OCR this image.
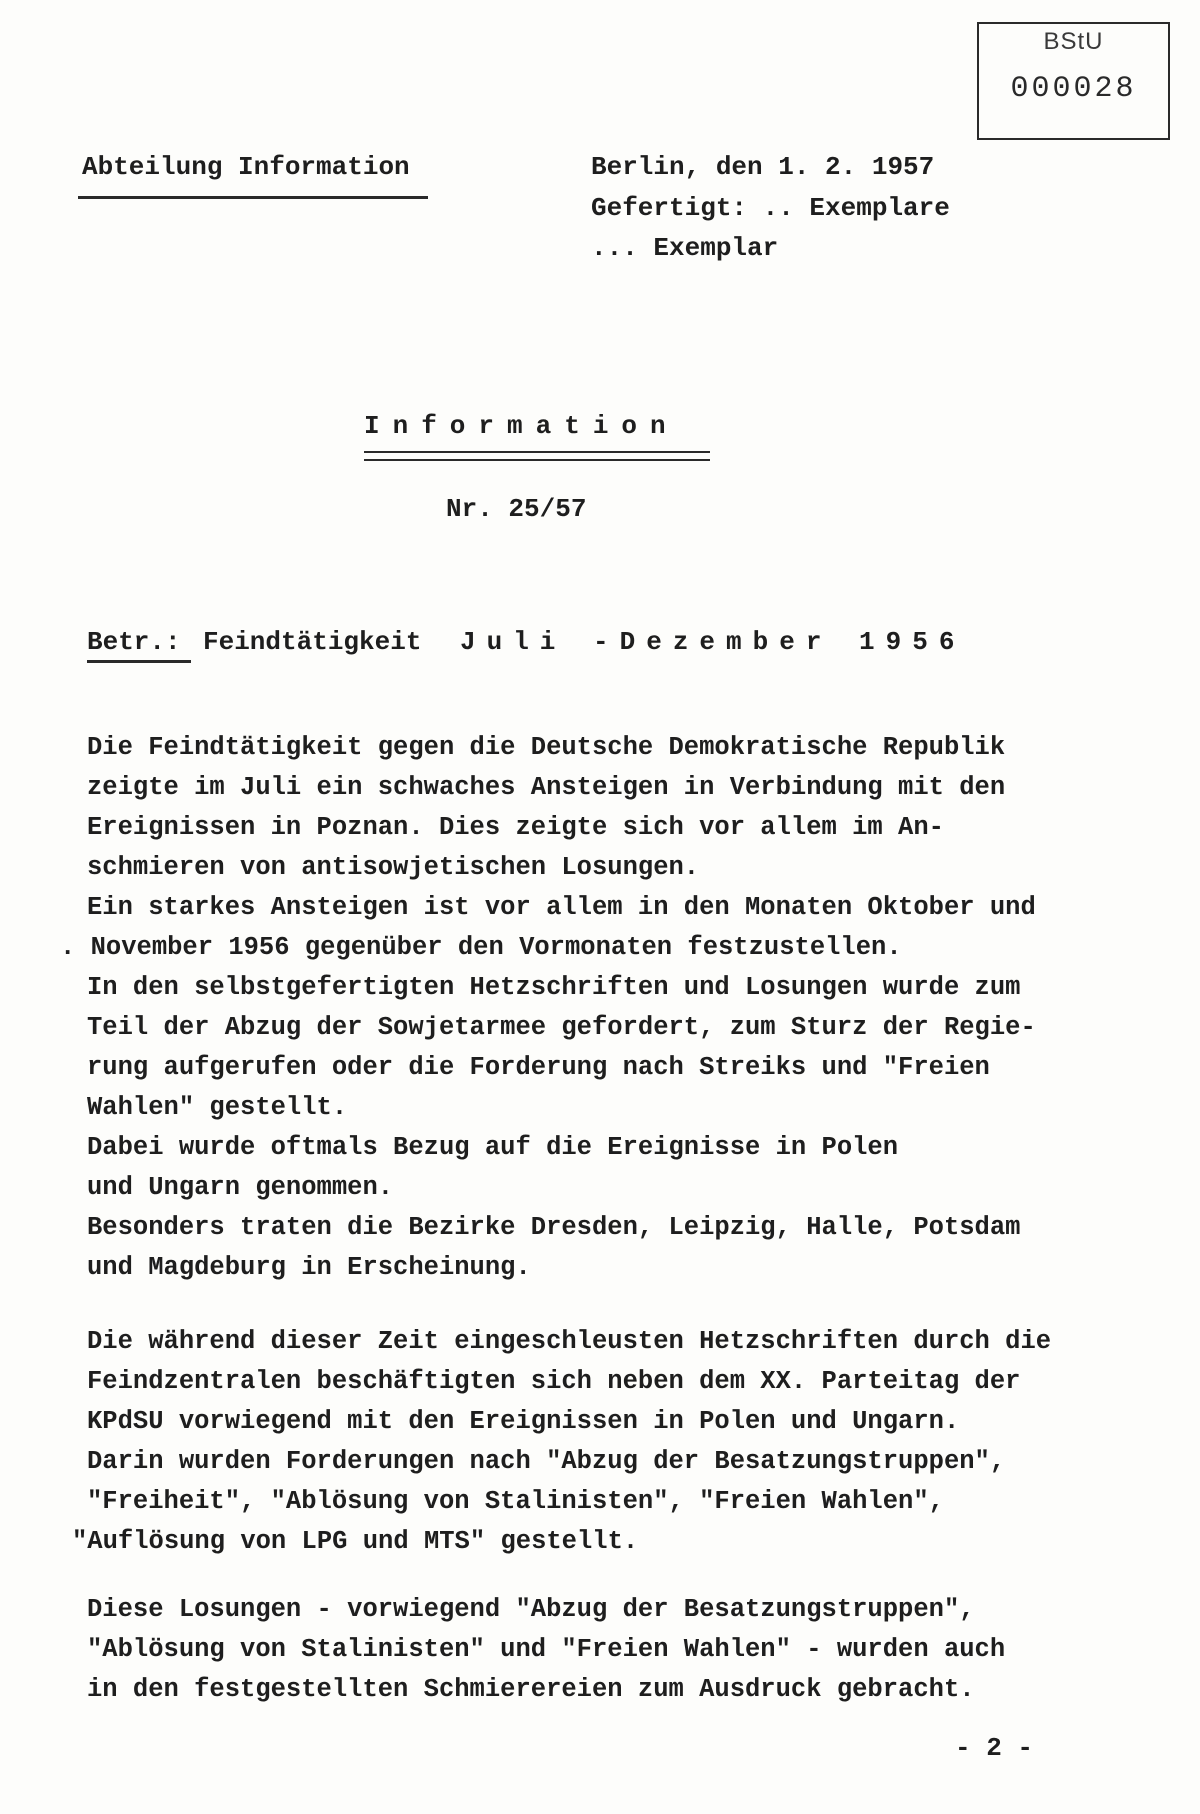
BStU
000028
Abteilung Information	Berlin, den 1. 2. 1957
Gefertigt: .. Exemplare
... Exemplar
Information
Nr. 25/57
Betr.: Feindtätigkeit Juli -Dezember 1956
Die Feindtätigkeit gegen die Deutsche Demokratische Republik
zeigte im Juli ein schwaches Ansteigen in Verbindung mit den
Ereignissen in Poznan. Dies zeigte sich vor allem im An-
schmieren von antisowjetischen Losungen.
Ein starkes Ansteigen ist vor allem in den Monaten Oktober und
. November 1956 gegenüber den Vormonaten festzustellen.
In den selbstgefertigten Hetzschriften und Losungen wurde zum
Teil der Abzug der Sowjetarmee gefordert, zum Sturz der Regie-
rung aufgerufen oder die Forderung nach Streiks und "Freien
Wahlen" gestellt.
Dabei wurde oftmals Bezug auf die Ereignisse in Polen
und Ungarn genommen.
Besonders traten die Bezirke Dresden, Leipzig, Halle, Potsdam
und Magdeburg in Erscheinung.
Die während dieser Zeit eingeschleusten Hetzschriften durch die
Feindzentralen beschäftigten sich neben dem XX. Parteitag der
KPdSU vorwiegend mit den Ereignissen in Polen und Ungarn.
Darin wurden Forderungen nach "Abzug der Besatzungstruppen",
"Freiheit", "Ablösung von Stalinisten", "Freien Wahlen",
"Auflösung von LPG und MTS" gestellt.
Diese Losungen - vorwiegend "Abzug der Besatzungstruppen",
"Ablösung von Stalinisten" und "Freien Wahlen" - wurden auch
in den festgestellten Schmierereien zum Ausdruck gebracht.
- 2 -
